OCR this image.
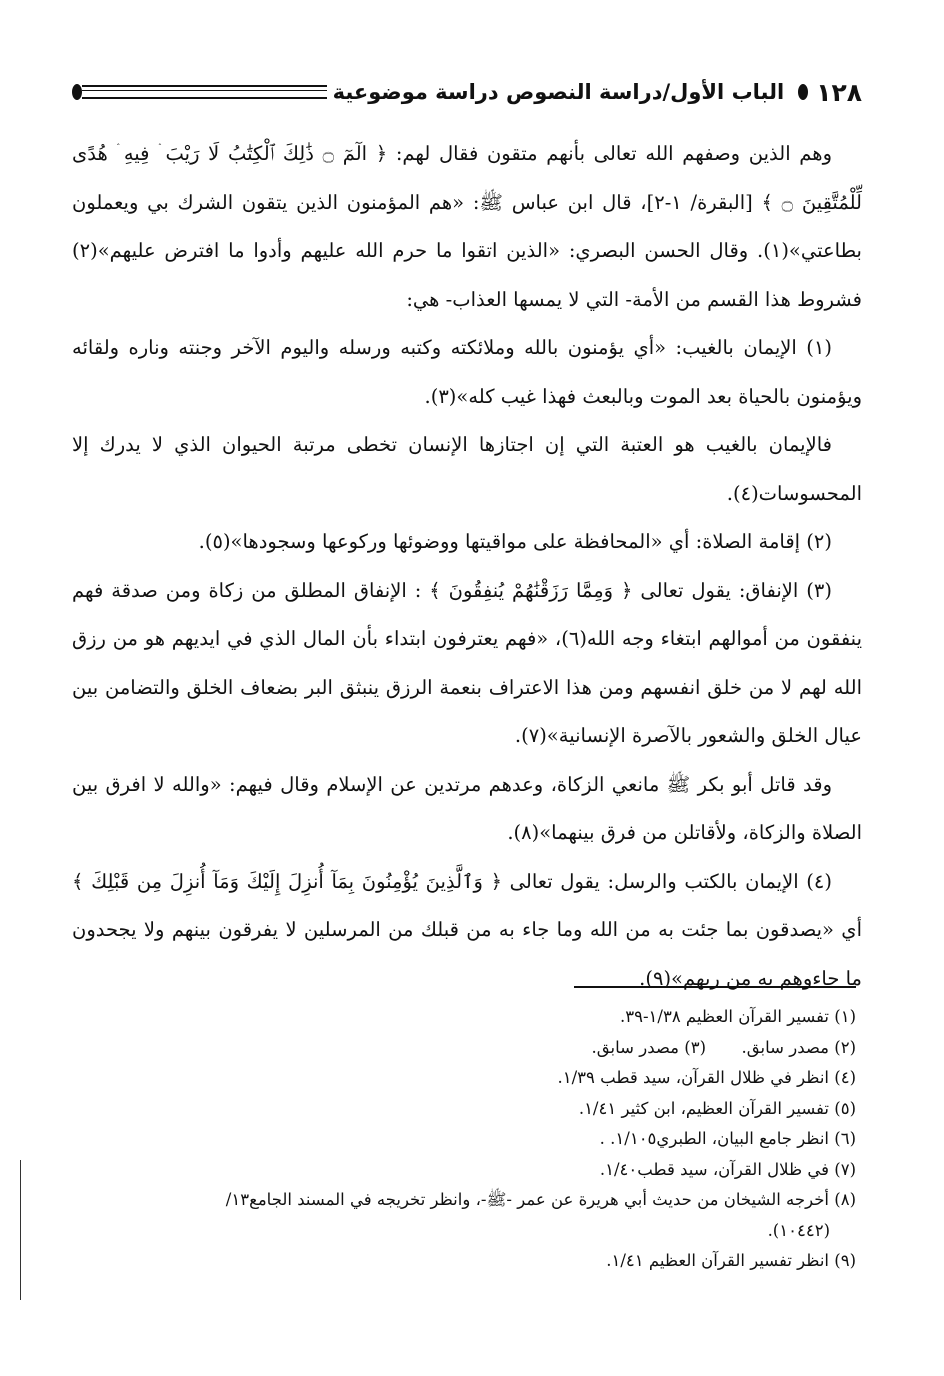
١٢٨
الباب الأول/دراسة النصوص دراسة موضوعية

وهم الذين وصفهم الله تعالى بأنهم متقون فقال لهم: ﴿ الٓمٓ ۝ ذَٰلِكَ ٱلْكِتَٰبُ لَا رَيْبَ ۛ فِيهِ ۛ هُدًى لِّلْمُتَّقِينَ ۝ ﴾ [البقرة/ ١-٢]، قال ابن عباس ﷺ: «هم المؤمنون الذين يتقون الشرك بي ويعملون بطاعتي»(١). وقال الحسن البصري: «الذين اتقوا ما حرم الله عليهم وأدوا ما افترض عليهم»(٢) فشروط هذا القسم من الأمة- التي لا يمسها العذاب- هي:

(١) الإيمان بالغيب: «أي يؤمنون بالله وملائكته وكتبه ورسله واليوم الآخر وجنته وناره ولقائه ويؤمنون بالحياة بعد الموت وبالبعث فهذا غيب كله»(٣).

فالإيمان بالغيب هو العتبة التي إن اجتازها الإنسان تخطى مرتبة الحيوان الذي لا يدرك إلا المحسوسات(٤).

(٢) إقامة الصلاة: أي «المحافظة على مواقيتها ووضوئها وركوعها وسجودها»(٥).

(٣) الإنفاق: يقول تعالى ﴿ وَمِمَّا رَزَقْنَٰهُمْ يُنفِقُونَ ﴾ : الإنفاق المطلق من زكاة ومن صدقة فهم ينفقون من أموالهم ابتغاء وجه الله(٦)، «فهم يعترفون ابتداء بأن المال الذي في ايديهم هو من رزق الله لهم لا من خلق انفسهم ومن هذا الاعتراف بنعمة الرزق ينبثق البر بضعاف الخلق والتضامن بين عيال الخلق والشعور بالآصرة الإنسانية»(٧).

وقد قاتل أبو بكر ﷺ مانعي الزكاة، وعدهم مرتدين عن الإسلام وقال فيهم: «والله لا افرق بين الصلاة والزكاة، ولأقاتلن من فرق بينهما»(٨).

(٤) الإيمان بالكتب والرسل: يقول تعالى ﴿ وَٱلَّذِينَ يُؤْمِنُونَ بِمَآ أُنزِلَ إِلَيْكَ وَمَآ أُنزِلَ مِن قَبْلِكَ ﴾ أي «يصدقون بما جئت به من الله وما جاء به من قبلك من المرسلين لا يفرقون بينهم ولا يجحدون ما جاءوهم به من ربهم»(٩).

(١) تفسير القرآن العظيم ١/٣٨-٣٩.
(٢) مصدر سابق.
(٣) مصدر سابق.
(٤) انظر في ظلال القرآن، سيد قطب ١/٣٩.
(٥) تفسير القرآن العظيم، ابن كثير ١/٤١.
(٦) انظر جامع البيان، الطبري١/١٠٥. .
(٧) في ظلال القرآن، سيد قطب١/٤٠.
(٨) أخرجه الشيخان من حديث أبي هريرة عن عمر -ﷺ-، وانظر تخريجه في المسند الجامع١٣/
(١٠٤٤٢).
(٩) انظر تفسير القرآن العظيم ١/٤١.
